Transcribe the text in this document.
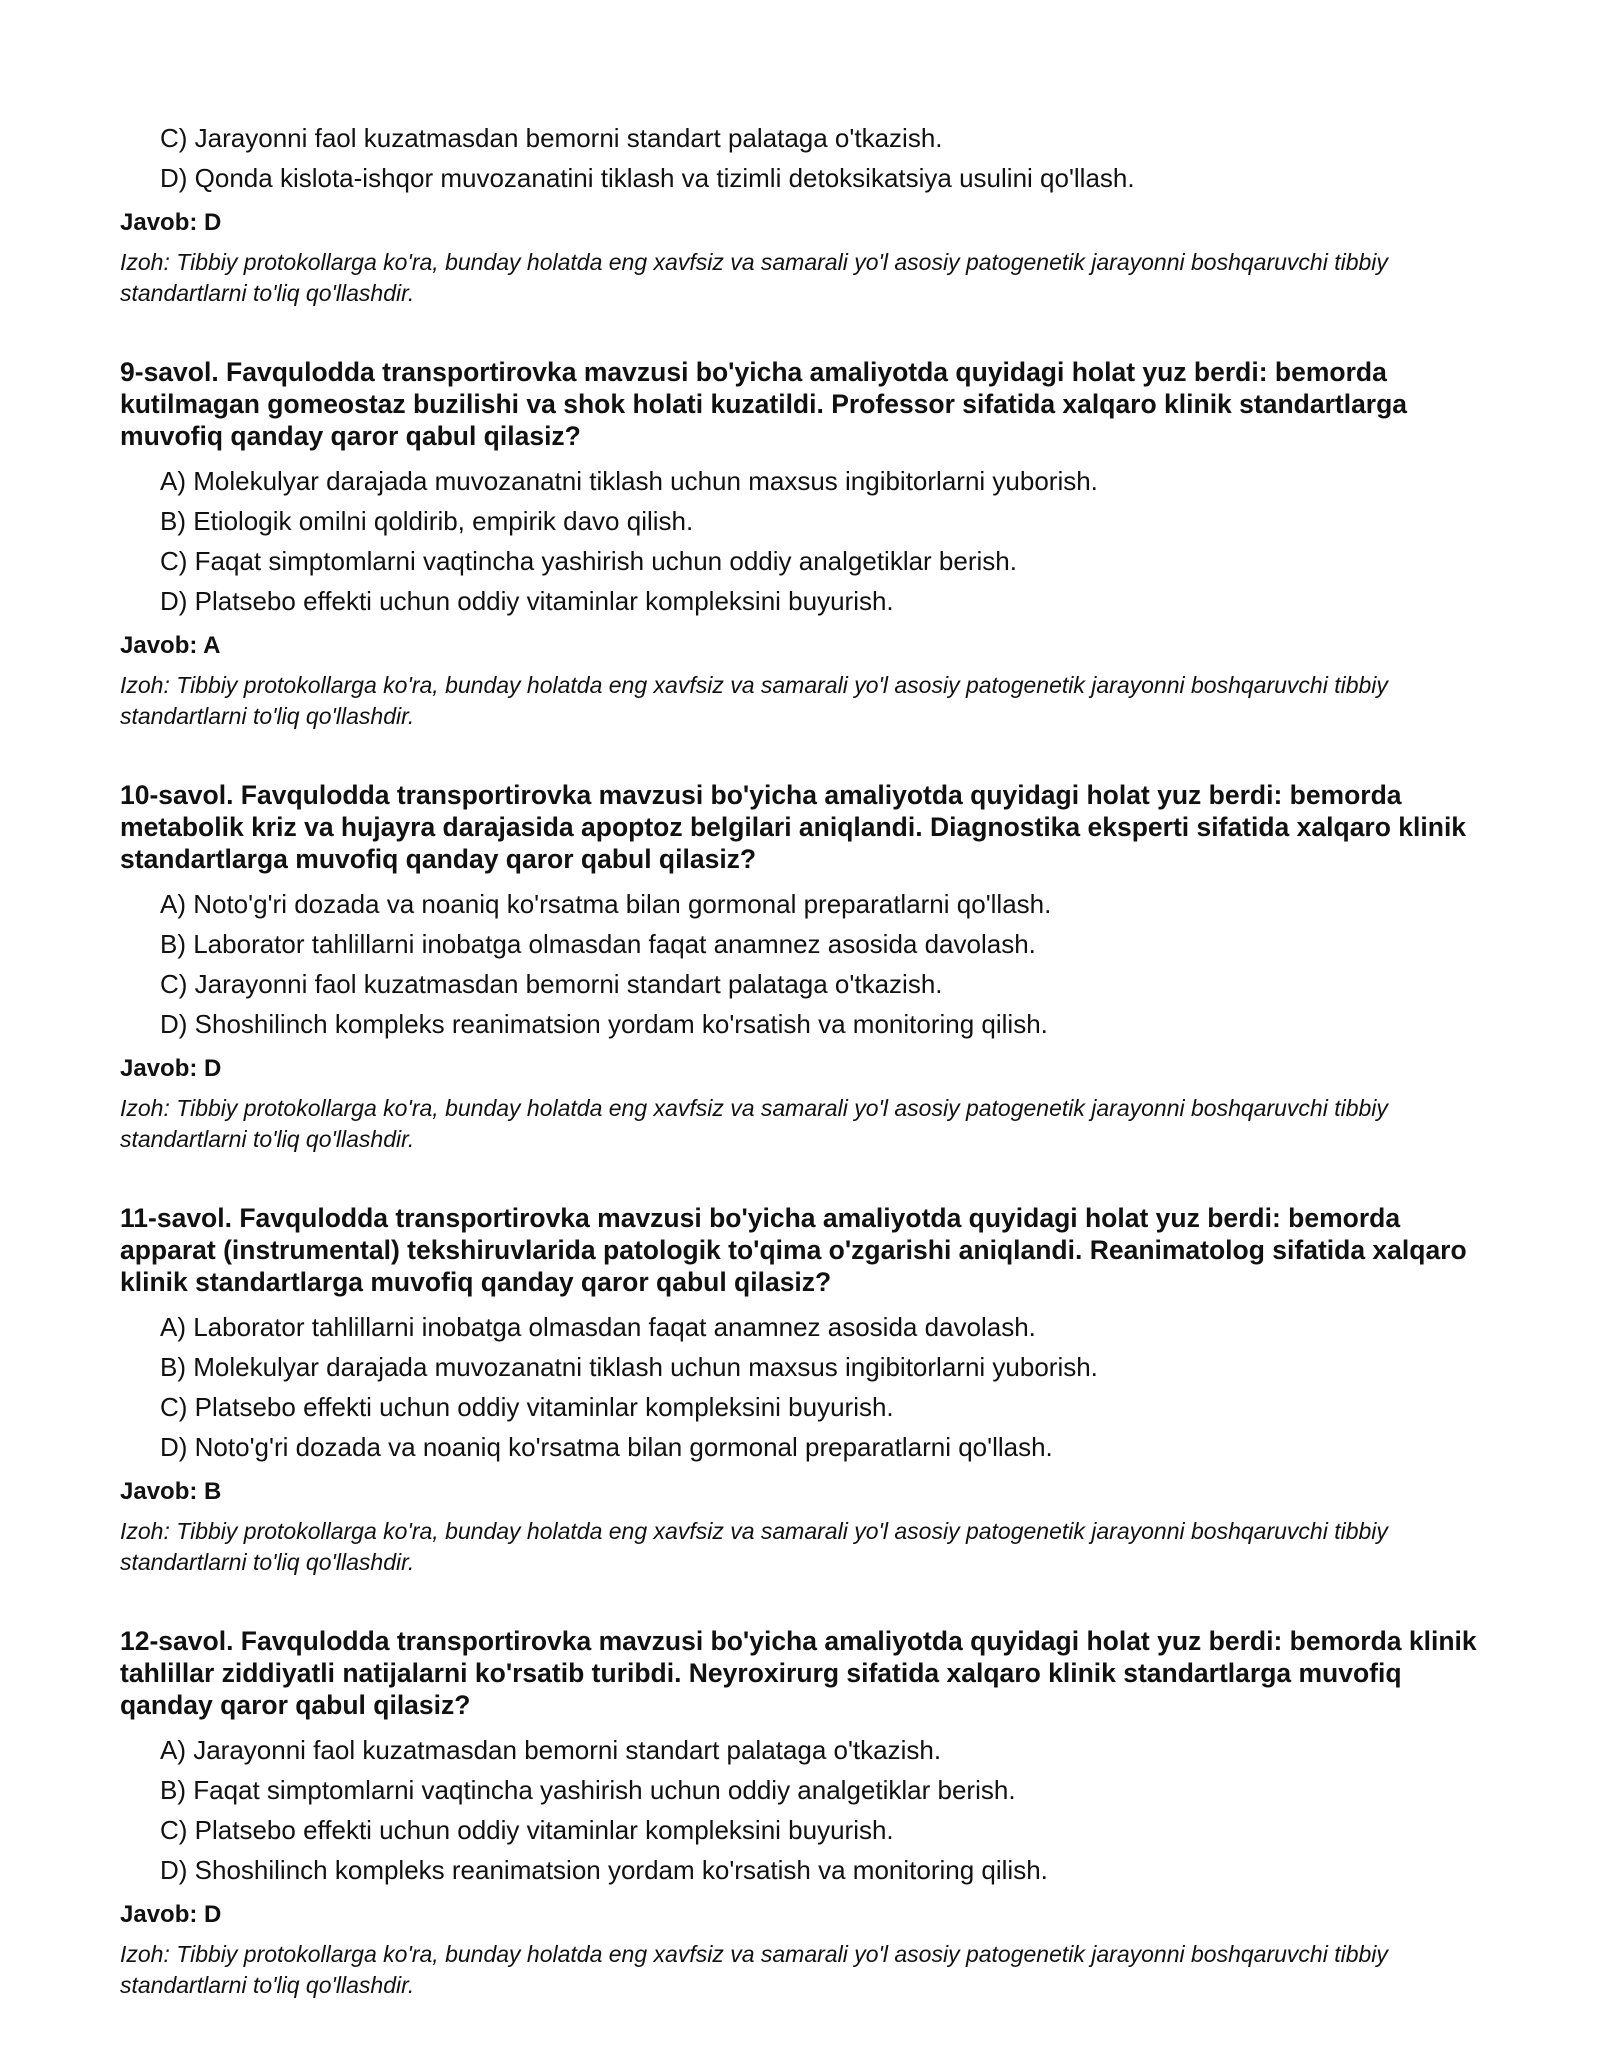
C) Jarayonni faol kuzatmasdan bemorni standart palataga o'tkazish.
D) Qonda kislota-ishqor muvozanatini tiklash va tizimli detoksikatsiya usulini qo'llash.
Javob: D
Izoh: Tibbiy protokollarga ko'ra, bunday holatda eng xavfsiz va samarali yo'l asosiy patogenetik jarayonni boshqaruvchi tibbiy standartlarni to'liq qo'llashdir.
9-savol. Favqulodda transportirovka mavzusi bo'yicha amaliyotda quyidagi holat yuz berdi: bemorda kutilmagan gomeostaz buzilishi va shok holati kuzatildi. Professor sifatida xalqaro klinik standartlarga muvofiq qanday qaror qabul qilasiz?
A) Molekulyar darajada muvozanatni tiklash uchun maxsus ingibitorlarni yuborish.
B) Etiologik omilni qoldirib, empirik davo qilish.
C) Faqat simptomlarni vaqtincha yashirish uchun oddiy analgetiklar berish.
D) Platsebo effekti uchun oddiy vitaminlar kompleksini buyurish.
Javob: A
Izoh: Tibbiy protokollarga ko'ra, bunday holatda eng xavfsiz va samarali yo'l asosiy patogenetik jarayonni boshqaruvchi tibbiy standartlarni to'liq qo'llashdir.
10-savol. Favqulodda transportirovka mavzusi bo'yicha amaliyotda quyidagi holat yuz berdi: bemorda metabolik kriz va hujayra darajasida apoptoz belgilari aniqlandi. Diagnostika eksperti sifatida xalqaro klinik standartlarga muvofiq qanday qaror qabul qilasiz?
A) Noto'g'ri dozada va noaniq ko'rsatma bilan gormonal preparatlarni qo'llash.
B) Laborator tahlillarni inobatga olmasdan faqat anamnez asosida davolash.
C) Jarayonni faol kuzatmasdan bemorni standart palataga o'tkazish.
D) Shoshilinch kompleks reanimatsion yordam ko'rsatish va monitoring qilish.
Javob: D
Izoh: Tibbiy protokollarga ko'ra, bunday holatda eng xavfsiz va samarali yo'l asosiy patogenetik jarayonni boshqaruvchi tibbiy standartlarni to'liq qo'llashdir.
11-savol. Favqulodda transportirovka mavzusi bo'yicha amaliyotda quyidagi holat yuz berdi: bemorda apparat (instrumental) tekshiruvlarida patologik to'qima o'zgarishi aniqlandi. Reanimatolog sifatida xalqaro klinik standartlarga muvofiq qanday qaror qabul qilasiz?
A) Laborator tahlillarni inobatga olmasdan faqat anamnez asosida davolash.
B) Molekulyar darajada muvozanatni tiklash uchun maxsus ingibitorlarni yuborish.
C) Platsebo effekti uchun oddiy vitaminlar kompleksini buyurish.
D) Noto'g'ri dozada va noaniq ko'rsatma bilan gormonal preparatlarni qo'llash.
Javob: B
Izoh: Tibbiy protokollarga ko'ra, bunday holatda eng xavfsiz va samarali yo'l asosiy patogenetik jarayonni boshqaruvchi tibbiy standartlarni to'liq qo'llashdir.
12-savol. Favqulodda transportirovka mavzusi bo'yicha amaliyotda quyidagi holat yuz berdi: bemorda klinik tahlillar ziddiyatli natijalarni ko'rsatib turibdi. Neyroxirurg sifatida xalqaro klinik standartlarga muvofiq qanday qaror qabul qilasiz?
A) Jarayonni faol kuzatmasdan bemorni standart palataga o'tkazish.
B) Faqat simptomlarni vaqtincha yashirish uchun oddiy analgetiklar berish.
C) Platsebo effekti uchun oddiy vitaminlar kompleksini buyurish.
D) Shoshilinch kompleks reanimatsion yordam ko'rsatish va monitoring qilish.
Javob: D
Izoh: Tibbiy protokollarga ko'ra, bunday holatda eng xavfsiz va samarali yo'l asosiy patogenetik jarayonni boshqaruvchi tibbiy standartlarni to'liq qo'llashdir.
